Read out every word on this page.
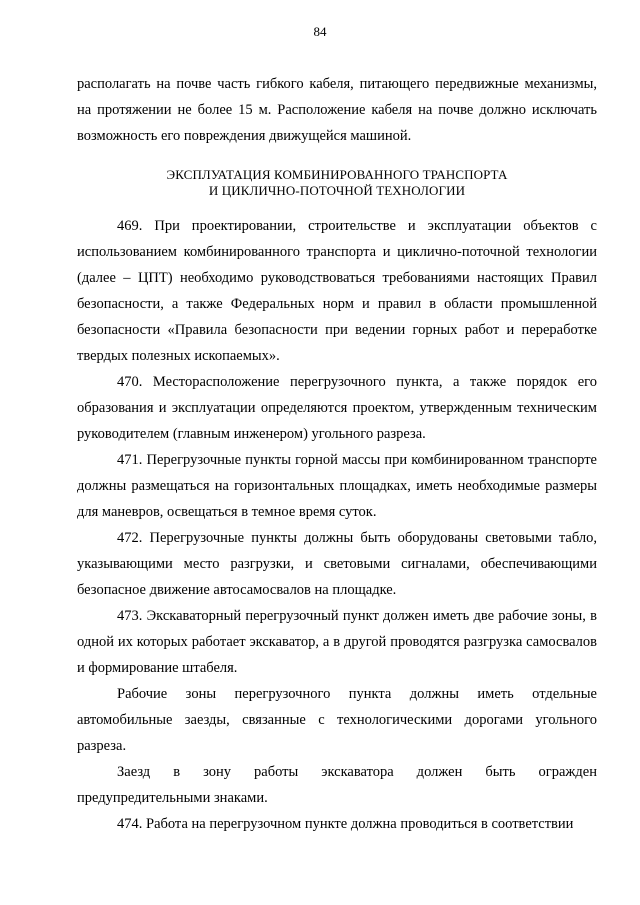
84

располагать на почве часть гибкого кабеля, питающего передвижные механизмы, на протяжении не более 15 м. Расположение кабеля на почве должно исключать возможность его повреждения движущейся машиной.

ЭКСПЛУАТАЦИЯ КОМБИНИРОВАННОГО ТРАНСПОРТА
И ЦИКЛИЧНО-ПОТОЧНОЙ ТЕХНОЛОГИИ

469. При проектировании, строительстве и эксплуатации объектов с использованием комбинированного транспорта и циклично-поточной технологии (далее – ЦПТ) необходимо руководствоваться требованиями настоящих Правил безопасности, а также Федеральных норм и правил в области промышленной безопасности «Правила безопасности при ведении горных работ и переработке твердых полезных ископаемых».

470. Месторасположение перегрузочного пункта, а также порядок его образования и эксплуатации определяются проектом, утвержденным техническим руководителем (главным инженером) угольного разреза.

471. Перегрузочные пункты горной массы при комбинированном транспорте должны размещаться на горизонтальных площадках, иметь необходимые размеры для маневров, освещаться в темное время суток.

472. Перегрузочные пункты должны быть оборудованы световыми табло, указывающими место разгрузки, и световыми сигналами, обеспечивающими безопасное движение автосамосвалов на площадке.

473. Экскаваторный перегрузочный пункт должен иметь две рабочие зоны, в одной их которых работает экскаватор, а в другой проводятся разгрузка самосвалов и формирование штабеля.

Рабочие зоны перегрузочного пункта должны иметь отдельные автомобильные заезды, связанные с технологическими дорогами угольного разреза.

Заезд в зону работы экскаватора должен быть огражден предупредительными знаками.

474. Работа на перегрузочном пункте должна проводиться в соответствии
